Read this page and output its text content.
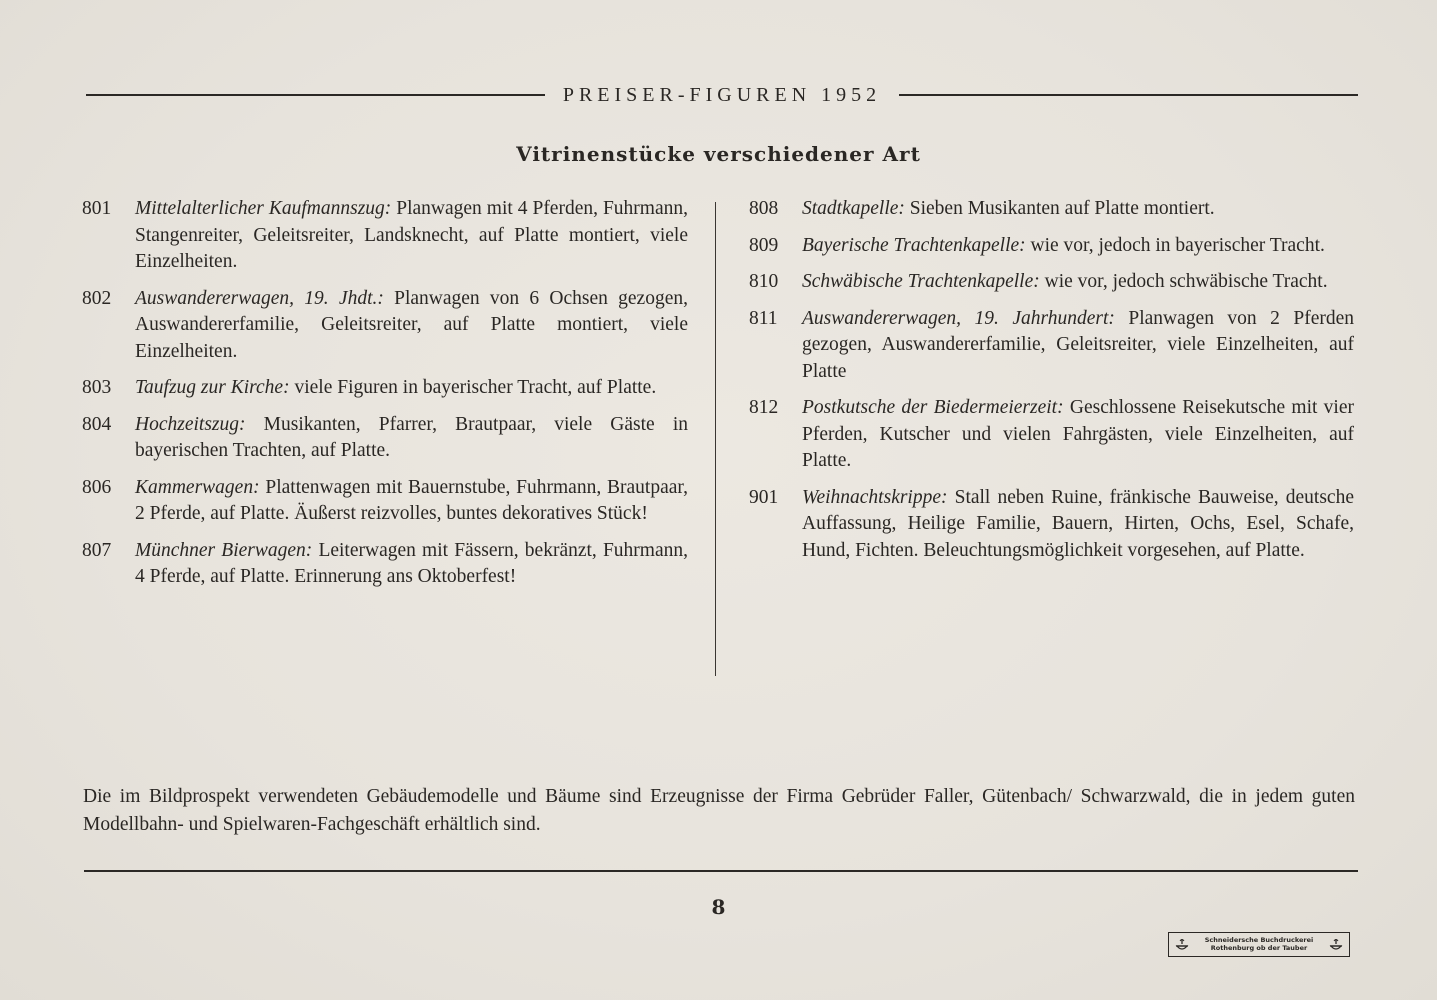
PREISER-FIGUREN 1952
Vitrinenstücke verschiedener Art
801	Mittelalterlicher Kaufmannszug: Planwagen mit 4 Pferden, Fuhrmann, Stangenreiter, Geleitsreiter, Landsknecht, auf Platte montiert, viele Einzelheiten.
802	Auswandererwagen, 19. Jhdt.: Planwagen von 6 Ochsen gezogen, Auswandererfamilie, Geleitsreiter, auf Platte montiert, viele Einzelheiten.
803	Taufzug zur Kirche: viele Figuren in bayerischer Tracht, auf Platte.
804	Hochzeitszug: Musikanten, Pfarrer, Brautpaar, viele Gäste in bayerischen Trachten, auf Platte.
806	Kammerwagen: Plattenwagen mit Bauernstube, Fuhrmann, Brautpaar, 2 Pferde, auf Platte. Äußerst reizvolles, buntes dekoratives Stück!
807	Münchner Bierwagen: Leiterwagen mit Fässern, bekränzt, Fuhrmann, 4 Pferde, auf Platte. Erinnerung ans Oktoberfest!
808	Stadtkapelle: Sieben Musikanten auf Platte montiert.
809	Bayerische Trachtenkapelle: wie vor, jedoch in bayerischer Tracht.
810	Schwäbische Trachtenkapelle: wie vor, jedoch schwäbische Tracht.
811	Auswandererwagen, 19. Jahrhundert: Planwagen von 2 Pferden gezogen, Auswandererfamilie, Geleitsreiter, viele Einzelheiten, auf Platte
812	Postkutsche der Biedermeierzeit: Geschlossene Reisekutsche mit vier Pferden, Kutscher und vielen Fahrgästen, viele Einzelheiten, auf Platte.
901	Weihnachtskrippe: Stall neben Ruine, fränkische Bauweise, deutsche Auffassung, Heilige Familie, Bauern, Hirten, Ochs, Esel, Schafe, Hund, Fichten. Beleuchtungsmöglichkeit vorgesehen, auf Platte.
Die im Bildprospekt verwendeten Gebäudemodelle und Bäume sind Erzeugnisse der Firma Gebrüder Faller, Gütenbach/ Schwarzwald, die in jedem guten Modellbahn- und Spielwaren-Fachgeschäft erhältlich sind.
8
Schneidersche Buchdruckerei
Rothenburg ob der Tauber
